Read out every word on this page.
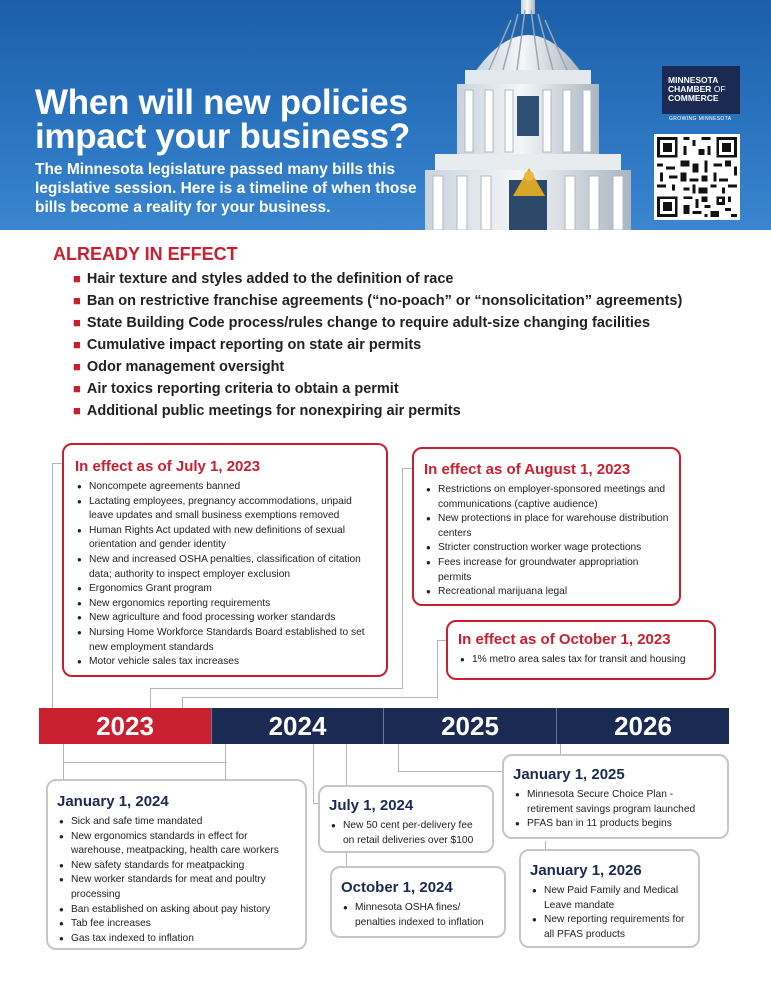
When will new policies impact your business?
The Minnesota legislature passed many bills this legislative session. Here is a timeline of when those bills become a reality for your business.
MINNESOTA
CHAMBER OF
COMMERCE
GROWING MINNESOTA
ALREADY IN EFFECT
■ Hair texture and styles added to the definition of race
■ Ban on restrictive franchise agreements (“no-poach” or “nonsolicitation” agreements)
■ State Building Code process/rules change to require adult-size changing facilities
■ Cumulative impact reporting on state air permits
■ Odor management oversight
■ Air toxics reporting criteria to obtain a permit
■ Additional public meetings for nonexpiring air permits
In effect as of July 1, 2023
● Noncompete agreements banned
● Lactating employees, pregnancy accommodations, unpaid leave updates and small business exemptions removed
● Human Rights Act updated with new definitions of sexual orientation and gender identity
● New and increased OSHA penalties, classification of citation data; authority to inspect employer exclusion
● Ergonomics Grant program
● New ergonomics reporting requirements
● New agriculture and food processing worker standards
● Nursing Home Workforce Standards Board established to set new employment standards
● Motor vehicle sales tax increases
In effect as of August 1, 2023
● Restrictions on employer-sponsored meetings and communications (captive audience)
● New protections in place for warehouse distribution centers
● Stricter construction worker wage protections
● Fees increase for groundwater appropriation permits
● Recreational marijuana legal
In effect as of October 1, 2023
● 1% metro area sales tax for transit and housing
2023	2024	2025	2026
January 1, 2024
● Sick and safe time mandated
● New ergonomics standards in effect for warehouse, meatpacking, health care workers
● New safety standards for meatpacking
● New worker standards for meat and poultry processing
● Ban established on asking about pay history
● Tab fee increases
● Gas tax indexed to inflation
July 1, 2024
● New 50 cent per-delivery fee on retail deliveries over $100
October 1, 2024
● Minnesota OSHA fines/ penalties indexed to inflation
January 1, 2025
● Minnesota Secure Choice Plan - retirement savings program launched
● PFAS ban in 11 products begins
January 1, 2026
● New Paid Family and Medical Leave mandate
● New reporting requirements for all PFAS products
